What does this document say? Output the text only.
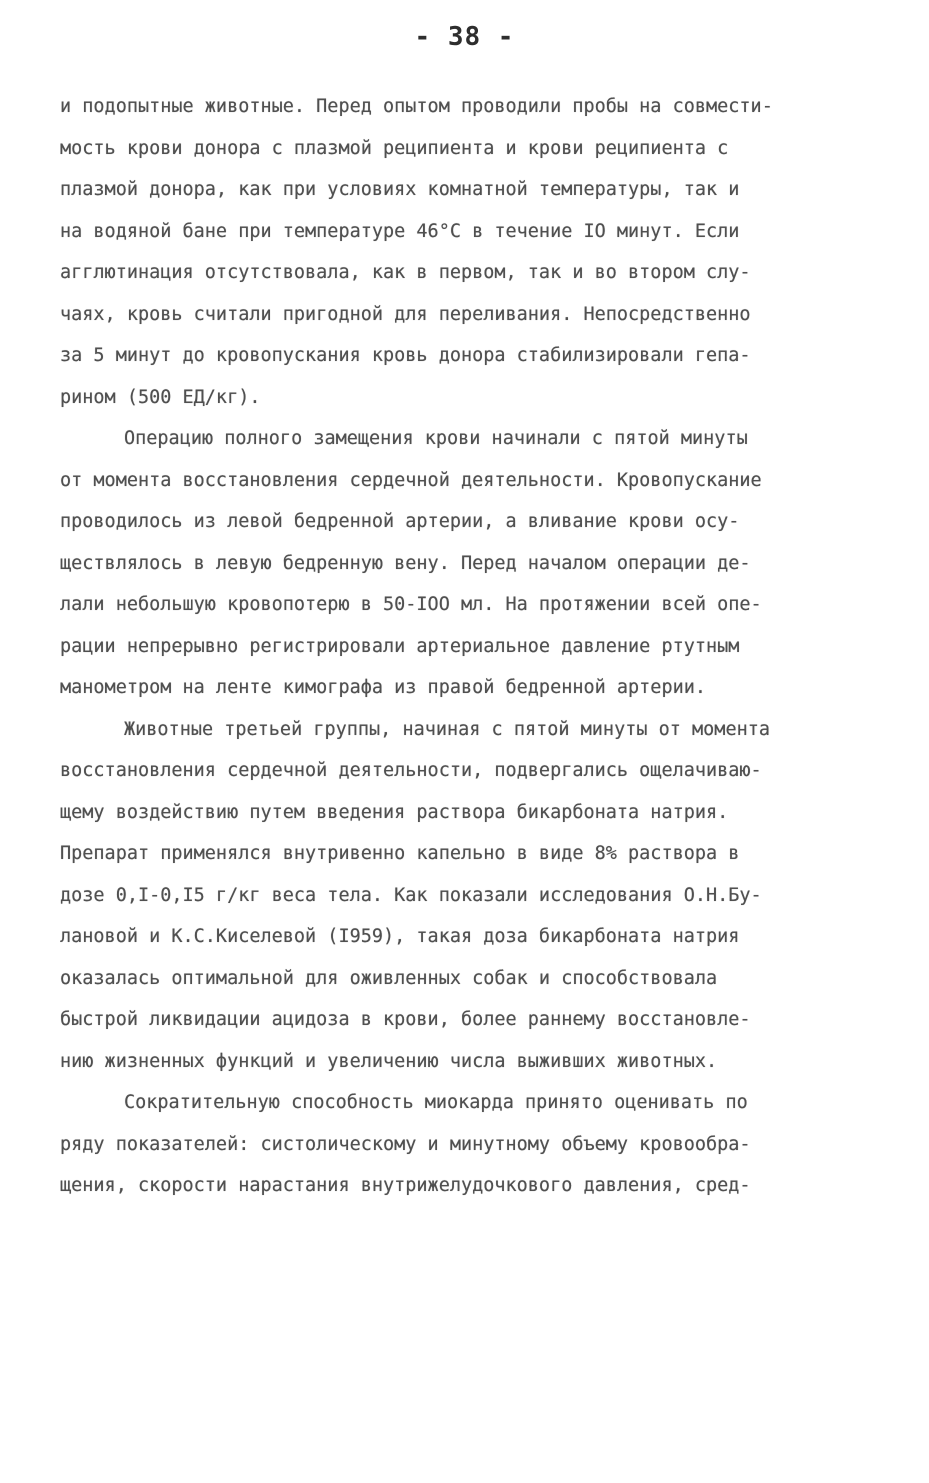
- 38 -
и подопытные животные. Перед опытом проводили пробы на совмести-
мость крови донора с плазмой реципиента и крови реципиента с
плазмой донора, как при условиях комнатной температуры, так и
на водяной бане при температуре 46°С в течение IO минут. Если
агглютинация отсутствовала, как в первом, так и во втором слу-
чаях, кровь считали пригодной для переливания. Непосредственно
за 5 минут до кровопускания кровь донора стабилизировали гепа-
рином (500 ЕД/кг).
Операцию полного замещения крови начинали с пятой минуты
от момента восстановления сердечной деятельности. Кровопускание
проводилось из левой бедренной артерии, а вливание крови осу-
ществлялось в левую бедренную вену. Перед началом операции де-
лали небольшую кровопотерю в 50-IOO мл. На протяжении всей опе-
рации непрерывно регистрировали артериальное давление ртутным
манометром на ленте кимографа из правой бедренной артерии.
Животные третьей группы, начиная с пятой минуты от момента
восстановления сердечной деятельности, подвергались ощелачиваю-
щему воздействию путем введения раствора бикарбоната натрия.
Препарат применялся внутривенно капельно в виде 8% раствора в
дозе 0,I-0,I5 г/кг веса тела. Как показали исследования О.Н.Бу-
лановой и К.С.Киселевой (I959), такая доза бикарбоната натрия
оказалась оптимальной для оживленных собак и способствовала
быстрой ликвидации ацидоза в крови, более раннему восстановле-
нию жизненных функций и увеличению числа выживших животных.
Сократительную способность миокарда принято оценивать по
ряду показателей: систолическому и минутному объему кровообра-
щения, скорости нарастания внутрижелудочкового давления, сред-
